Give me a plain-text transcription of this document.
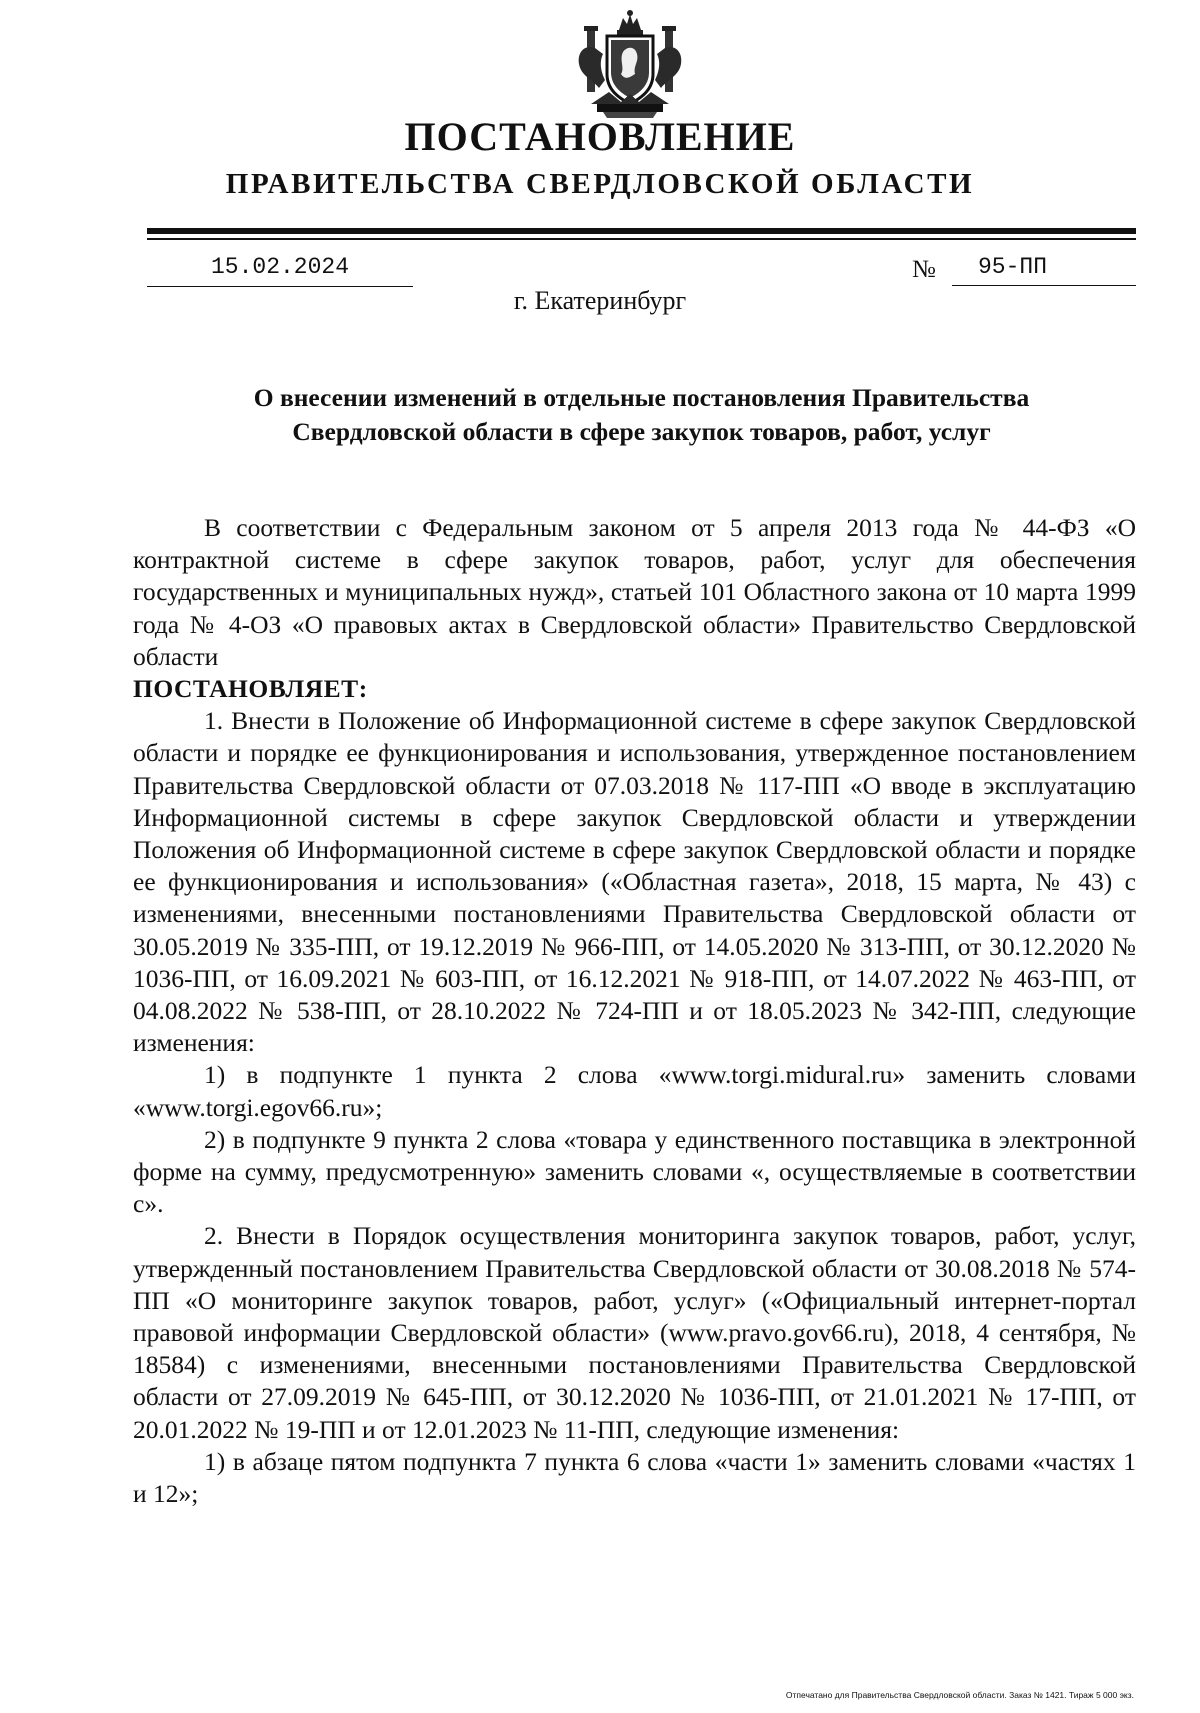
ПОСТАНОВЛЕНИЕ
ПРАВИТЕЛЬСТВА СВЕРДЛОВСКОЙ ОБЛАСТИ
15.02.2024	№	95-ПП
г. Екатеринбург
О внесении изменений в отдельные постановления Правительства
Свердловской области в сфере закупок товаров, работ, услуг

В соответствии с Федеральным законом от 5 апреля 2013 года № 44-ФЗ «О контрактной системе в сфере закупок товаров, работ, услуг для обеспечения государственных и муниципальных нужд», статьей 101 Областного закона от 10 марта 1999 года № 4-ОЗ «О правовых актах в Свердловской области» Правительство Свердловской области

ПОСТАНОВЛЯЕТ:

1. Внести в Положение об Информационной системе в сфере закупок Свердловской области и порядке ее функционирования и использования, утвержденное постановлением Правительства Свердловской области от 07.03.2018 № 117-ПП «О вводе в эксплуатацию Информационной системы в сфере закупок Свердловской области и утверждении Положения об Информационной системе в сфере закупок Свердловской области и порядке ее функционирования и использования» («Областная газета», 2018, 15 марта, № 43) с изменениями, внесенными постановлениями Правительства Свердловской области от 30.05.2019 № 335-ПП, от 19.12.2019 № 966-ПП, от 14.05.2020 № 313-ПП, от 30.12.2020 № 1036-ПП, от 16.09.2021 № 603-ПП, от 16.12.2021 № 918-ПП, от 14.07.2022 № 463-ПП, от 04.08.2022 № 538-ПП, от 28.10.2022 № 724-ПП и от 18.05.2023 № 342-ПП, следующие изменения:

1) в подпункте 1 пункта 2 слова «www.torgi.midural.ru» заменить словами «www.torgi.egov66.ru»;

2) в подпункте 9 пункта 2 слова «товара у единственного поставщика в электронной форме на сумму, предусмотренную» заменить словами «, осуществляемые в соответствии с».

2. Внести в Порядок осуществления мониторинга закупок товаров, работ, услуг, утвержденный постановлением Правительства Свердловской области от 30.08.2018 № 574-ПП «О мониторинге закупок товаров, работ, услуг» («Официальный интернет-портал правовой информации Свердловской области» (www.pravo.gov66.ru), 2018, 4 сентября, № 18584) с изменениями, внесенными постановлениями Правительства Свердловской области от 27.09.2019 № 645-ПП, от 30.12.2020 № 1036-ПП, от 21.01.2021 № 17-ПП, от 20.01.2022 № 19-ПП и от 12.01.2023 № 11-ПП, следующие изменения:

1) в абзаце пятом подпункта 7 пункта 6 слова «части 1» заменить словами «частях 1 и 12»;

Отпечатано для Правительства Свердловской области. Заказ № 1421. Тираж 5 000 экз.
